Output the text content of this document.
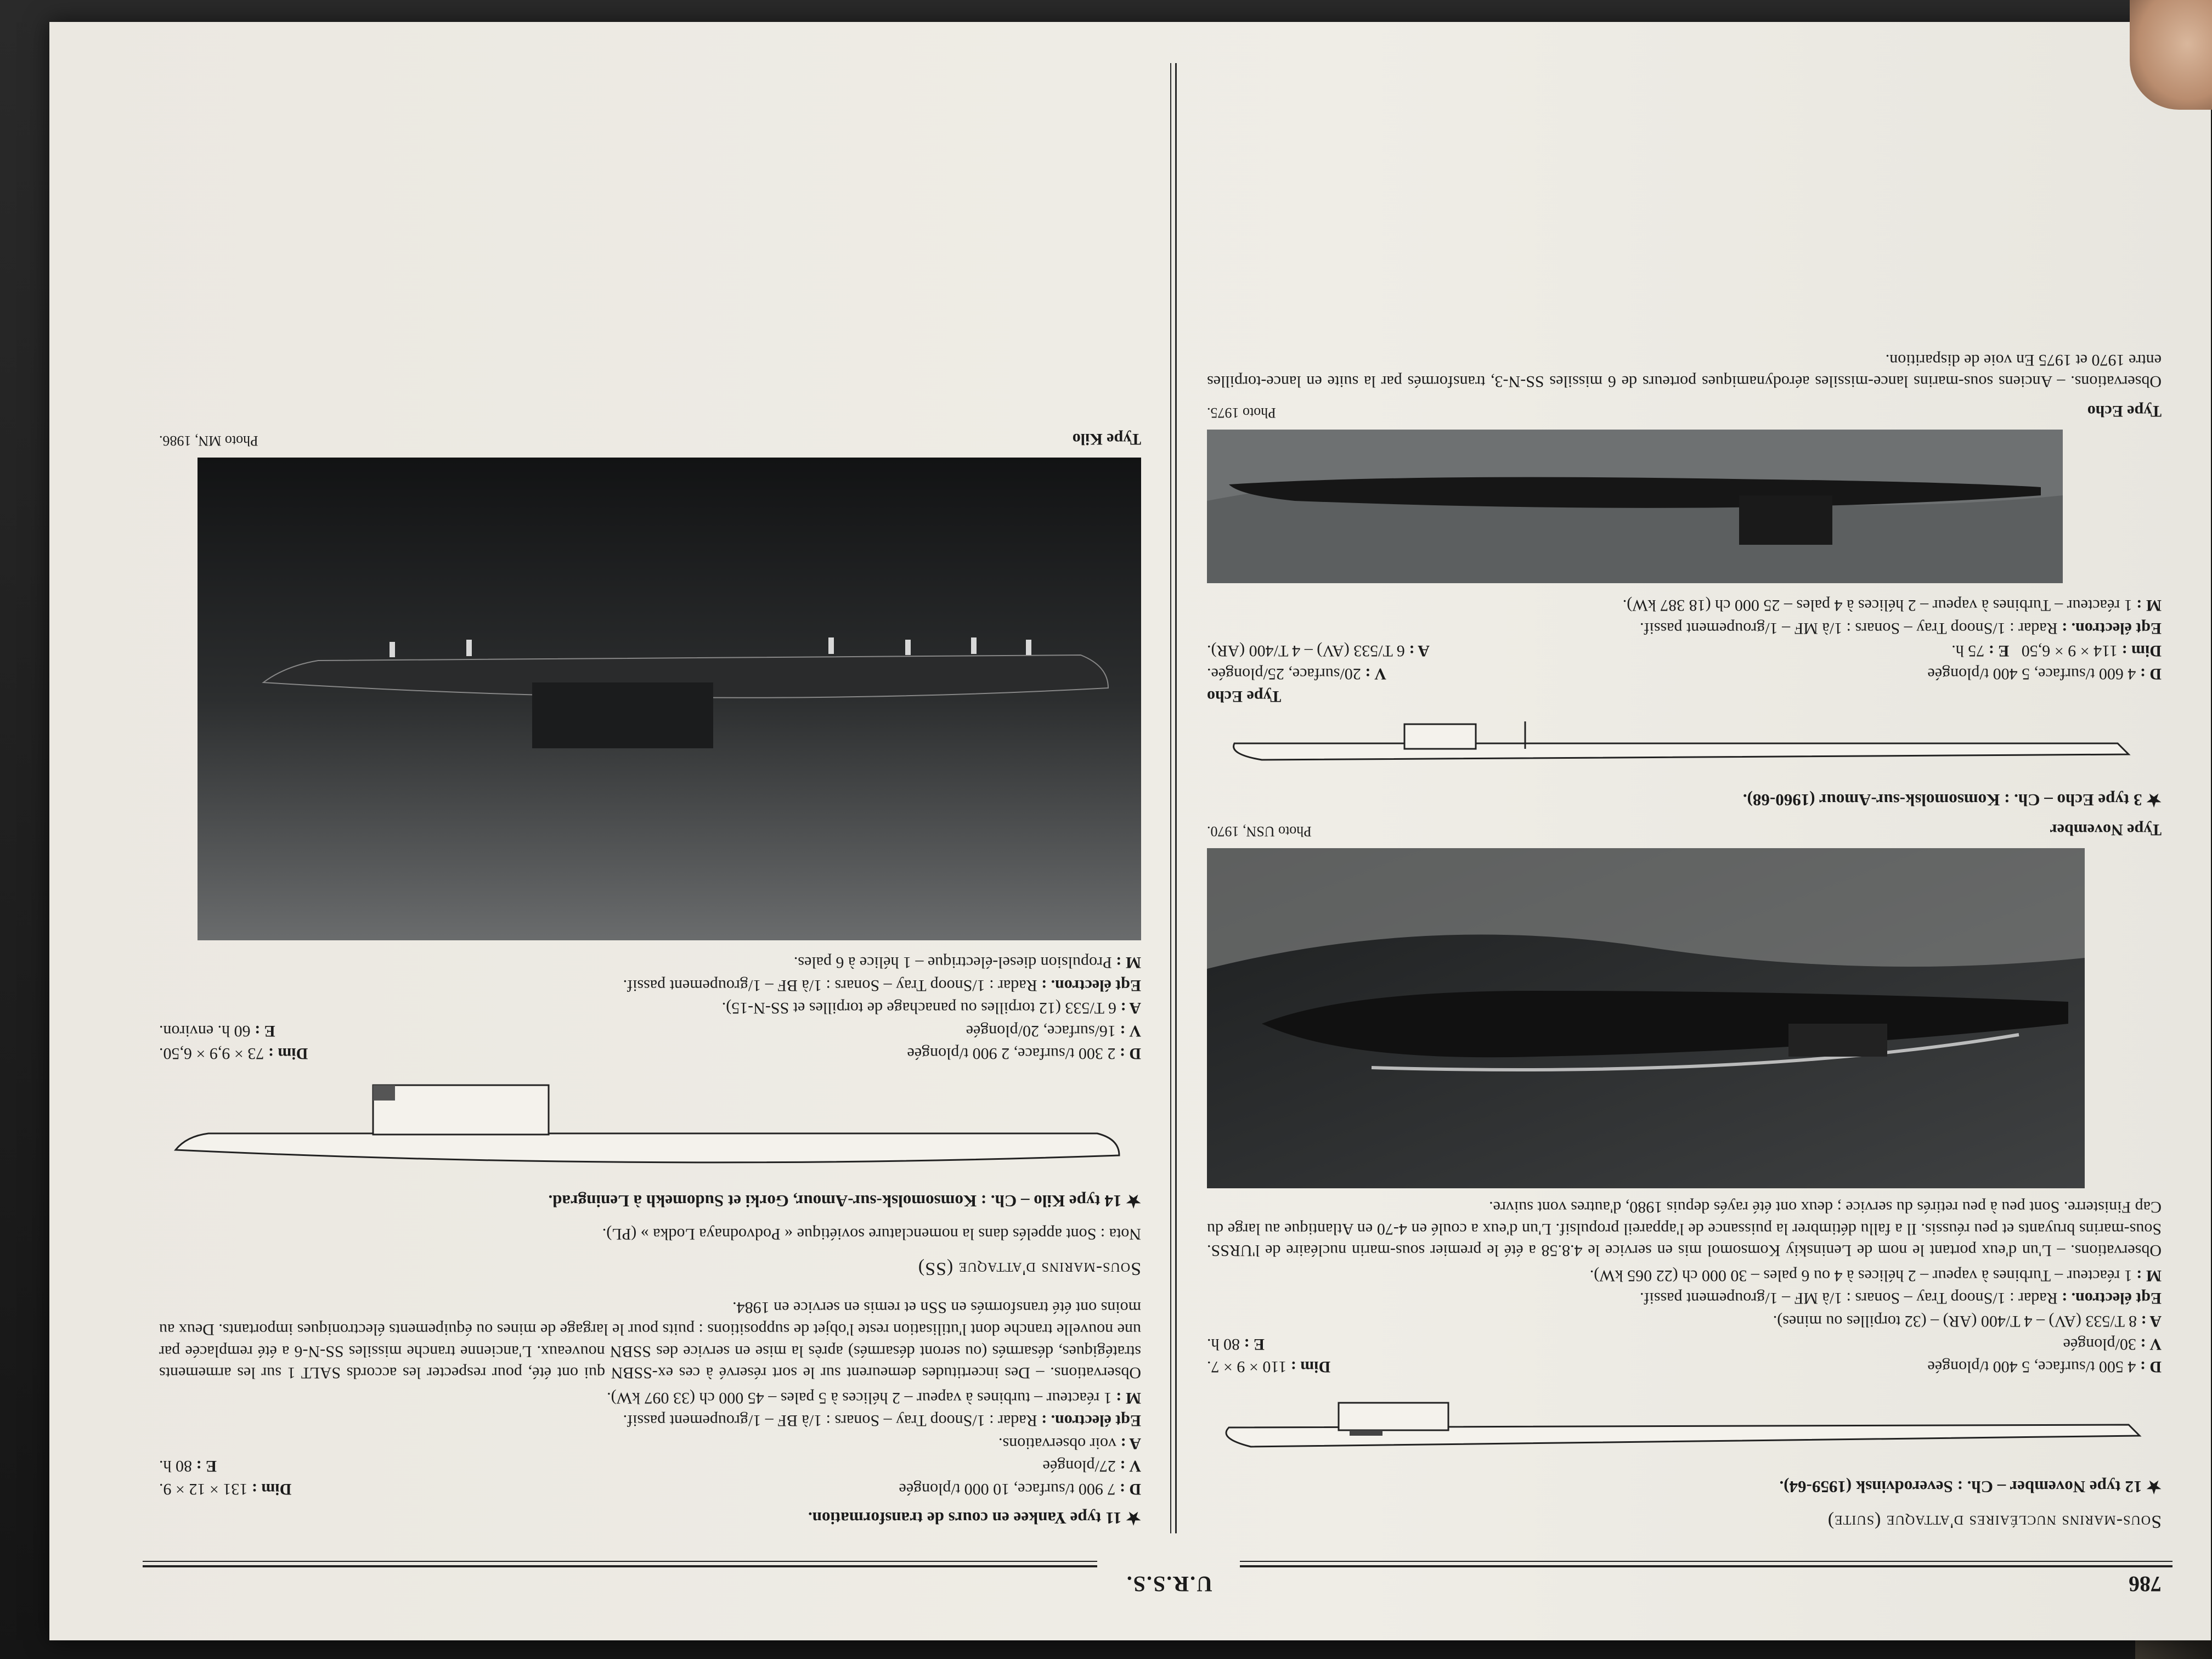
786
U.R.S.S.
Sous-marins nucléaires d'attaque (suite)
★ 12 type November – Ch. : Severodvinsk (1959-64).
D : 4 500 t/surface, 5 400 t/plongée
Dim : 110 × 9 × 7.
V : 30/plongée
E : 80 h.
A : 8 T/533 (AV) – 4 T/400 (AR) – (32 torpilles ou mines).
Eqt électron. : Radar : 1/Snoop Tray – Sonars : 1/à MF – 1/groupement passif.
M : 1 réacteur – Turbines à vapeur – 2 hélices à 4 ou 6 pales – 30 000 ch (22 065 kW).
Observations. – L'un d'eux portant le nom de Leninskiy Komsomol mis en service le 4.8.58 a été le premier sous-marin nucléaire de l'URSS. Sous-marins bruyants et peu réussis. Il a fallu détimbrer la puissance de l'appareil propulsif. L'un d'eux a coulé en 4-70 en Atlantique au large du Cap Finisterre. Sont peu à peu retirés du service ; deux ont été rayés depuis 1980, d'autres vont suivre.
Type November
Photo USN, 1970.
★ 3 type Echo – Ch. : Komsomolsk-sur-Amour (1960-68).
Type Echo
D : 4 600 t/surface, 5 400 t/plongée
V : 20/surface, 25/plongée.
Dim : 114 × 9 × 6,50   E : 75 h.
A : 6 T/533 (AV) – 4 T/400 (AR).
Eqt électron. : Radar : 1/Snoop Tray – Sonars : 1/à MF – 1/groupement passif.
M : 1 réacteur – Turbines à vapeur – 2 hélices à 4 pales – 25 000 ch (18 387 kW).
Type Echo
Photo 1975.
Observations. – Anciens sous-marins lance-missiles aérodynamiques porteurs de 6 missiles SS-N-3, transformés par la suite en lance-torpilles entre 1970 et 1975 En voie de disparition.
★ 11 type Yankee en cours de transformation.
D : 7 900 t/surface, 10 000 t/plongée
Dim : 131 × 12 × 9.
V : 27/plongée
E : 80 h.
A : voir observations.
Eqt électron. : Radar : 1/Snoop Tray – Sonars : 1/à BF – 1/groupement passif.
M : 1 réacteur – turbines à vapeur – 2 hélices à 5 pales – 45 000 ch (33 097 kW).
Observations. – Des incertitudes demeurent sur le sort réservé à ces ex-SSBN qui ont été, pour respecter les accords SALT 1 sur les armements stratégiques, désarmés (ou seront désarmés) après la mise en service des SSBN nouveaux. L'ancienne tranche missiles SS-N-6 a été remplacée par une nouvelle tranche dont l'utilisation reste l'objet de suppositions : puits pour le largage de mines ou équipements électroniques importants. Deux au moins ont été transformés en SSn et remis en service en 1984.
Sous-marins d'attaque (SS)
Nota : Sont appelés dans la nomenclature soviétique « Podvodnaya Lodka » (PL).
★ 14 type Kilo – Ch. : Komsomolsk-sur-Amour, Gorki et Sudomekh à Leningrad.
D : 2 300 t/surface, 2 900 t/plongée
Dim : 73 × 9,9 × 6,50.
V : 16/surface, 20/plongée
E : 60 h. environ.
A : 6 T/533 (12 torpilles ou panachage de torpilles et SS-N-15).
Eqt électron. : Radar : 1/Snoop Tray – Sonars : 1/à BF – 1/groupement passif.
M : Propulsion diesel-électrique – 1 hélice à 6 pales.
Type Kilo
Photo MN, 1986.
